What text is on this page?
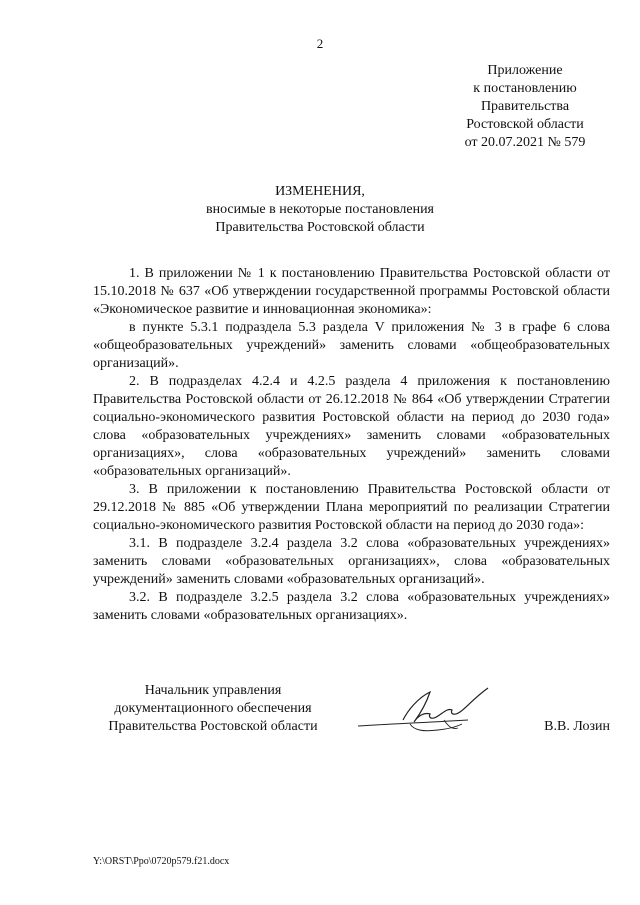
2
Приложение
к постановлению
Правительства
Ростовской области
от 20.07.2021 № 579
ИЗМЕНЕНИЯ,
вносимые в некоторые постановления
Правительства Ростовской области

1. В приложении № 1 к постановлению Правительства Ростовской области от 15.10.2018 № 637 «Об утверждении государственной программы Ростовской области «Экономическое развитие и инновационная экономика»:

в пункте 5.3.1 подраздела 5.3 раздела V приложения № 3 в графе 6 слова «общеобразовательных учреждений» заменить словами «общеобразовательных организаций».

2. В подразделах 4.2.4 и 4.2.5 раздела 4 приложения к постановлению Правительства Ростовской области от 26.12.2018 № 864 «Об утверждении Стратегии социально-экономического развития Ростовской области на период до 2030 года» слова «образовательных учреждениях» заменить словами «образовательных организациях», слова «образовательных учреждений» заменить словами «образовательных организаций».

3. В приложении к постановлению Правительства Ростовской области от 29.12.2018 № 885 «Об утверждении Плана мероприятий по реализации Стратегии социально-экономического развития Ростовской области на период до 2030 года»:

3.1. В подразделе 3.2.4 раздела 3.2 слова «образовательных учреждениях» заменить словами «образовательных организациях», слова «образовательных учреждений» заменить словами «образовательных организаций».

3.2. В подразделе 3.2.5 раздела 3.2 слова «образовательных учреждениях» заменить словами «образовательных организациях».

Начальник управления
документационного обеспечения
Правительства Ростовской области	В.В. Лозин
Y:\ORST\Ppo\0720p579.f21.docx
